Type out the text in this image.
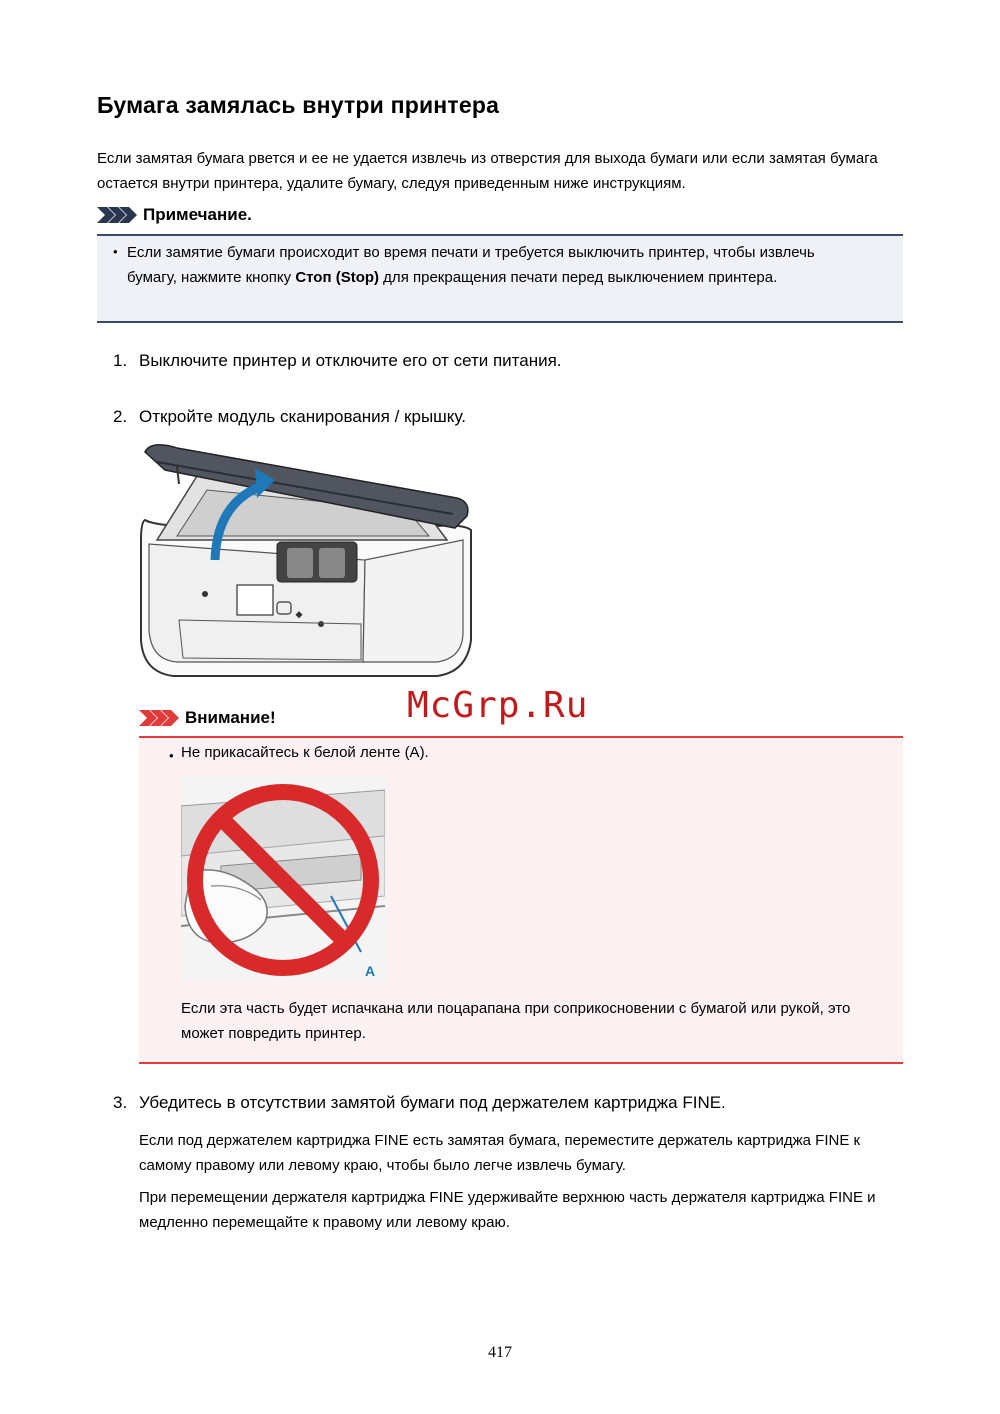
Бумага замялась внутри принтера

Если замятая бумага рвется и ее не удается извлечь из отверстия для выхода бумаги или если замятая бумага остается внутри принтера, удалите бумагу, следуя приведенным ниже инструкциям.

Примечание.
• Если замятие бумаги происходит во время печати и требуется выключить принтер, чтобы извлечь бумагу, нажмите кнопку Стоп (Stop) для прекращения печати перед выключением принтера.

1. Выключите принтер и отключите его от сети питания.

2. Откройте модуль сканирования / крышку.

McGrp.Ru
Внимание!
• Не прикасайтесь к белой ленте (A).

A

Если эта часть будет испачкана или поцарапана при соприкосновении с бумагой или рукой, это может повредить принтер.

3. Убедитесь в отсутствии замятой бумаги под держателем картриджа FINE.

Если под держателем картриджа FINE есть замятая бумага, переместите держатель картриджа FINE к самому правому или левому краю, чтобы было легче извлечь бумагу.

При перемещении держателя картриджа FINE удерживайте верхнюю часть держателя картриджа FINE и медленно перемещайте к правому или левому краю.

417
